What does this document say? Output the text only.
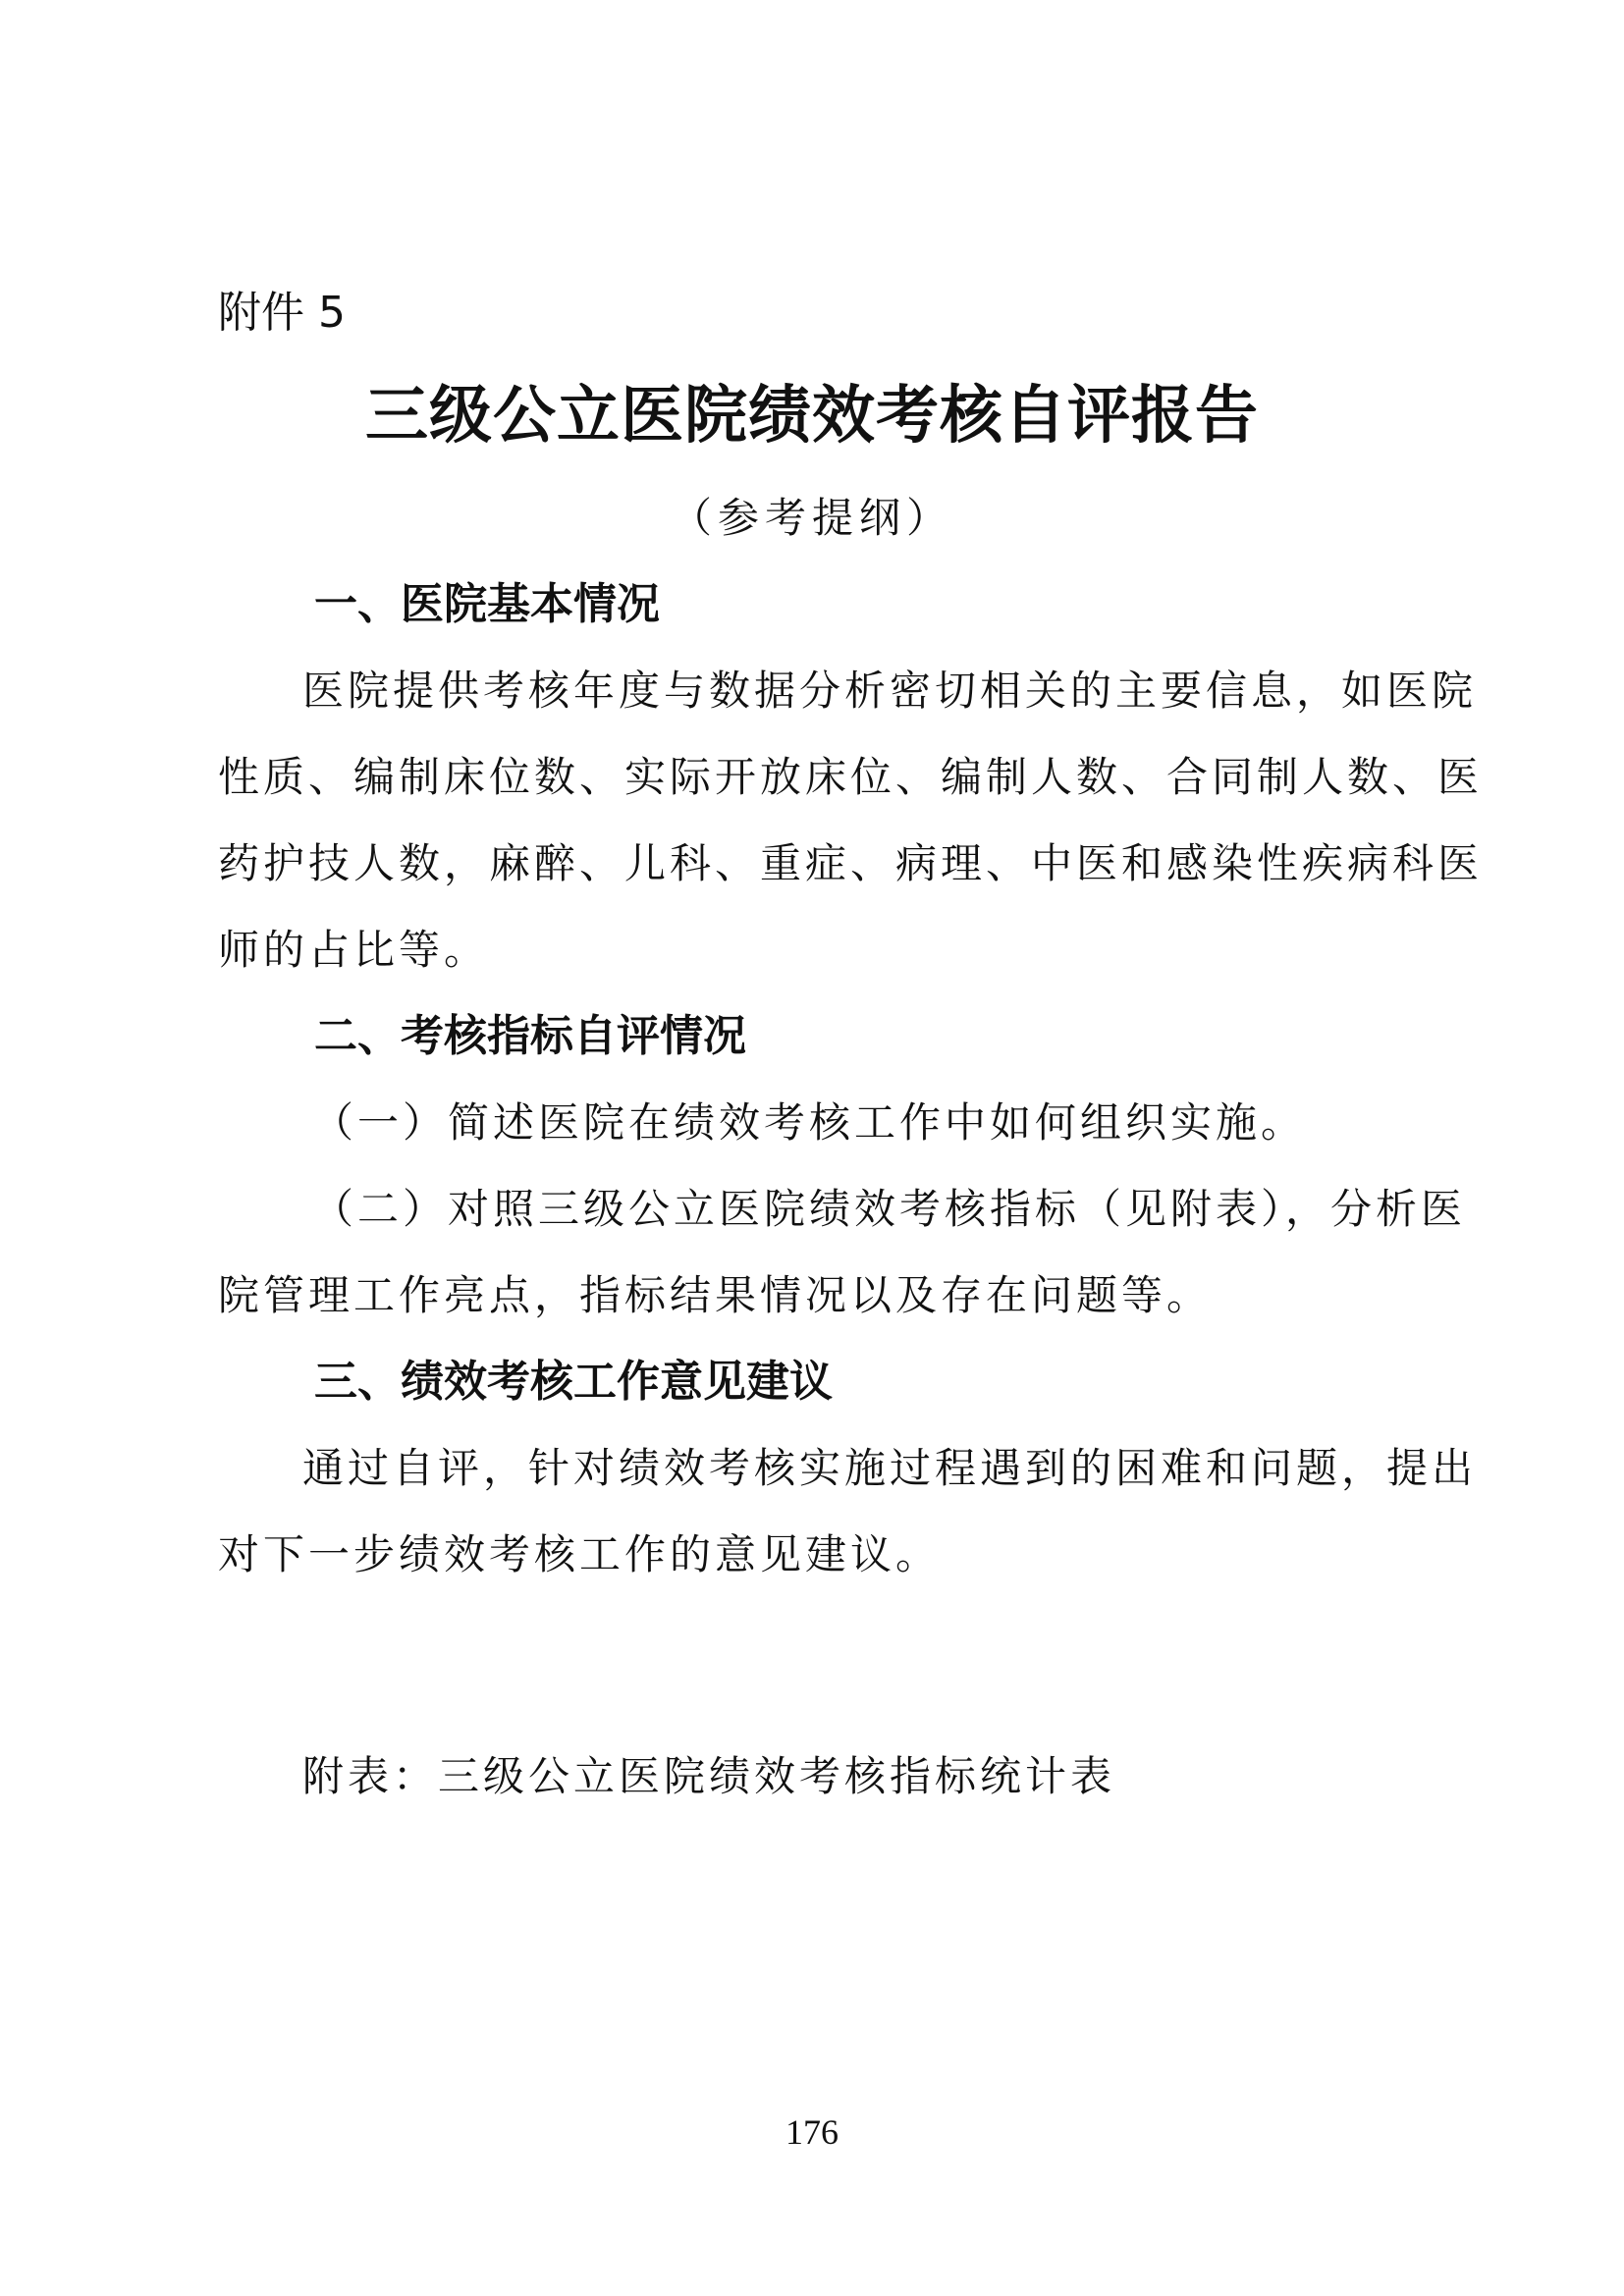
附件 5
三级公立医院绩效考核自评报告
（参考提纲）
一、医院基本情况
医院提供考核年度与数据分析密切相关的主要信息，如医院
性质、编制床位数、实际开放床位、编制人数、合同制人数、医
药护技人数，麻醉、儿科、重症、病理、中医和感染性疾病科医
师的占比等。
二、考核指标自评情况
（一）简述医院在绩效考核工作中如何组织实施。
（二）对照三级公立医院绩效考核指标（见附表），分析医
院管理工作亮点，指标结果情况以及存在问题等。
三、绩效考核工作意见建议
通过自评，针对绩效考核实施过程遇到的困难和问题，提出
对下一步绩效考核工作的意见建议。
附表：三级公立医院绩效考核指标统计表
176
